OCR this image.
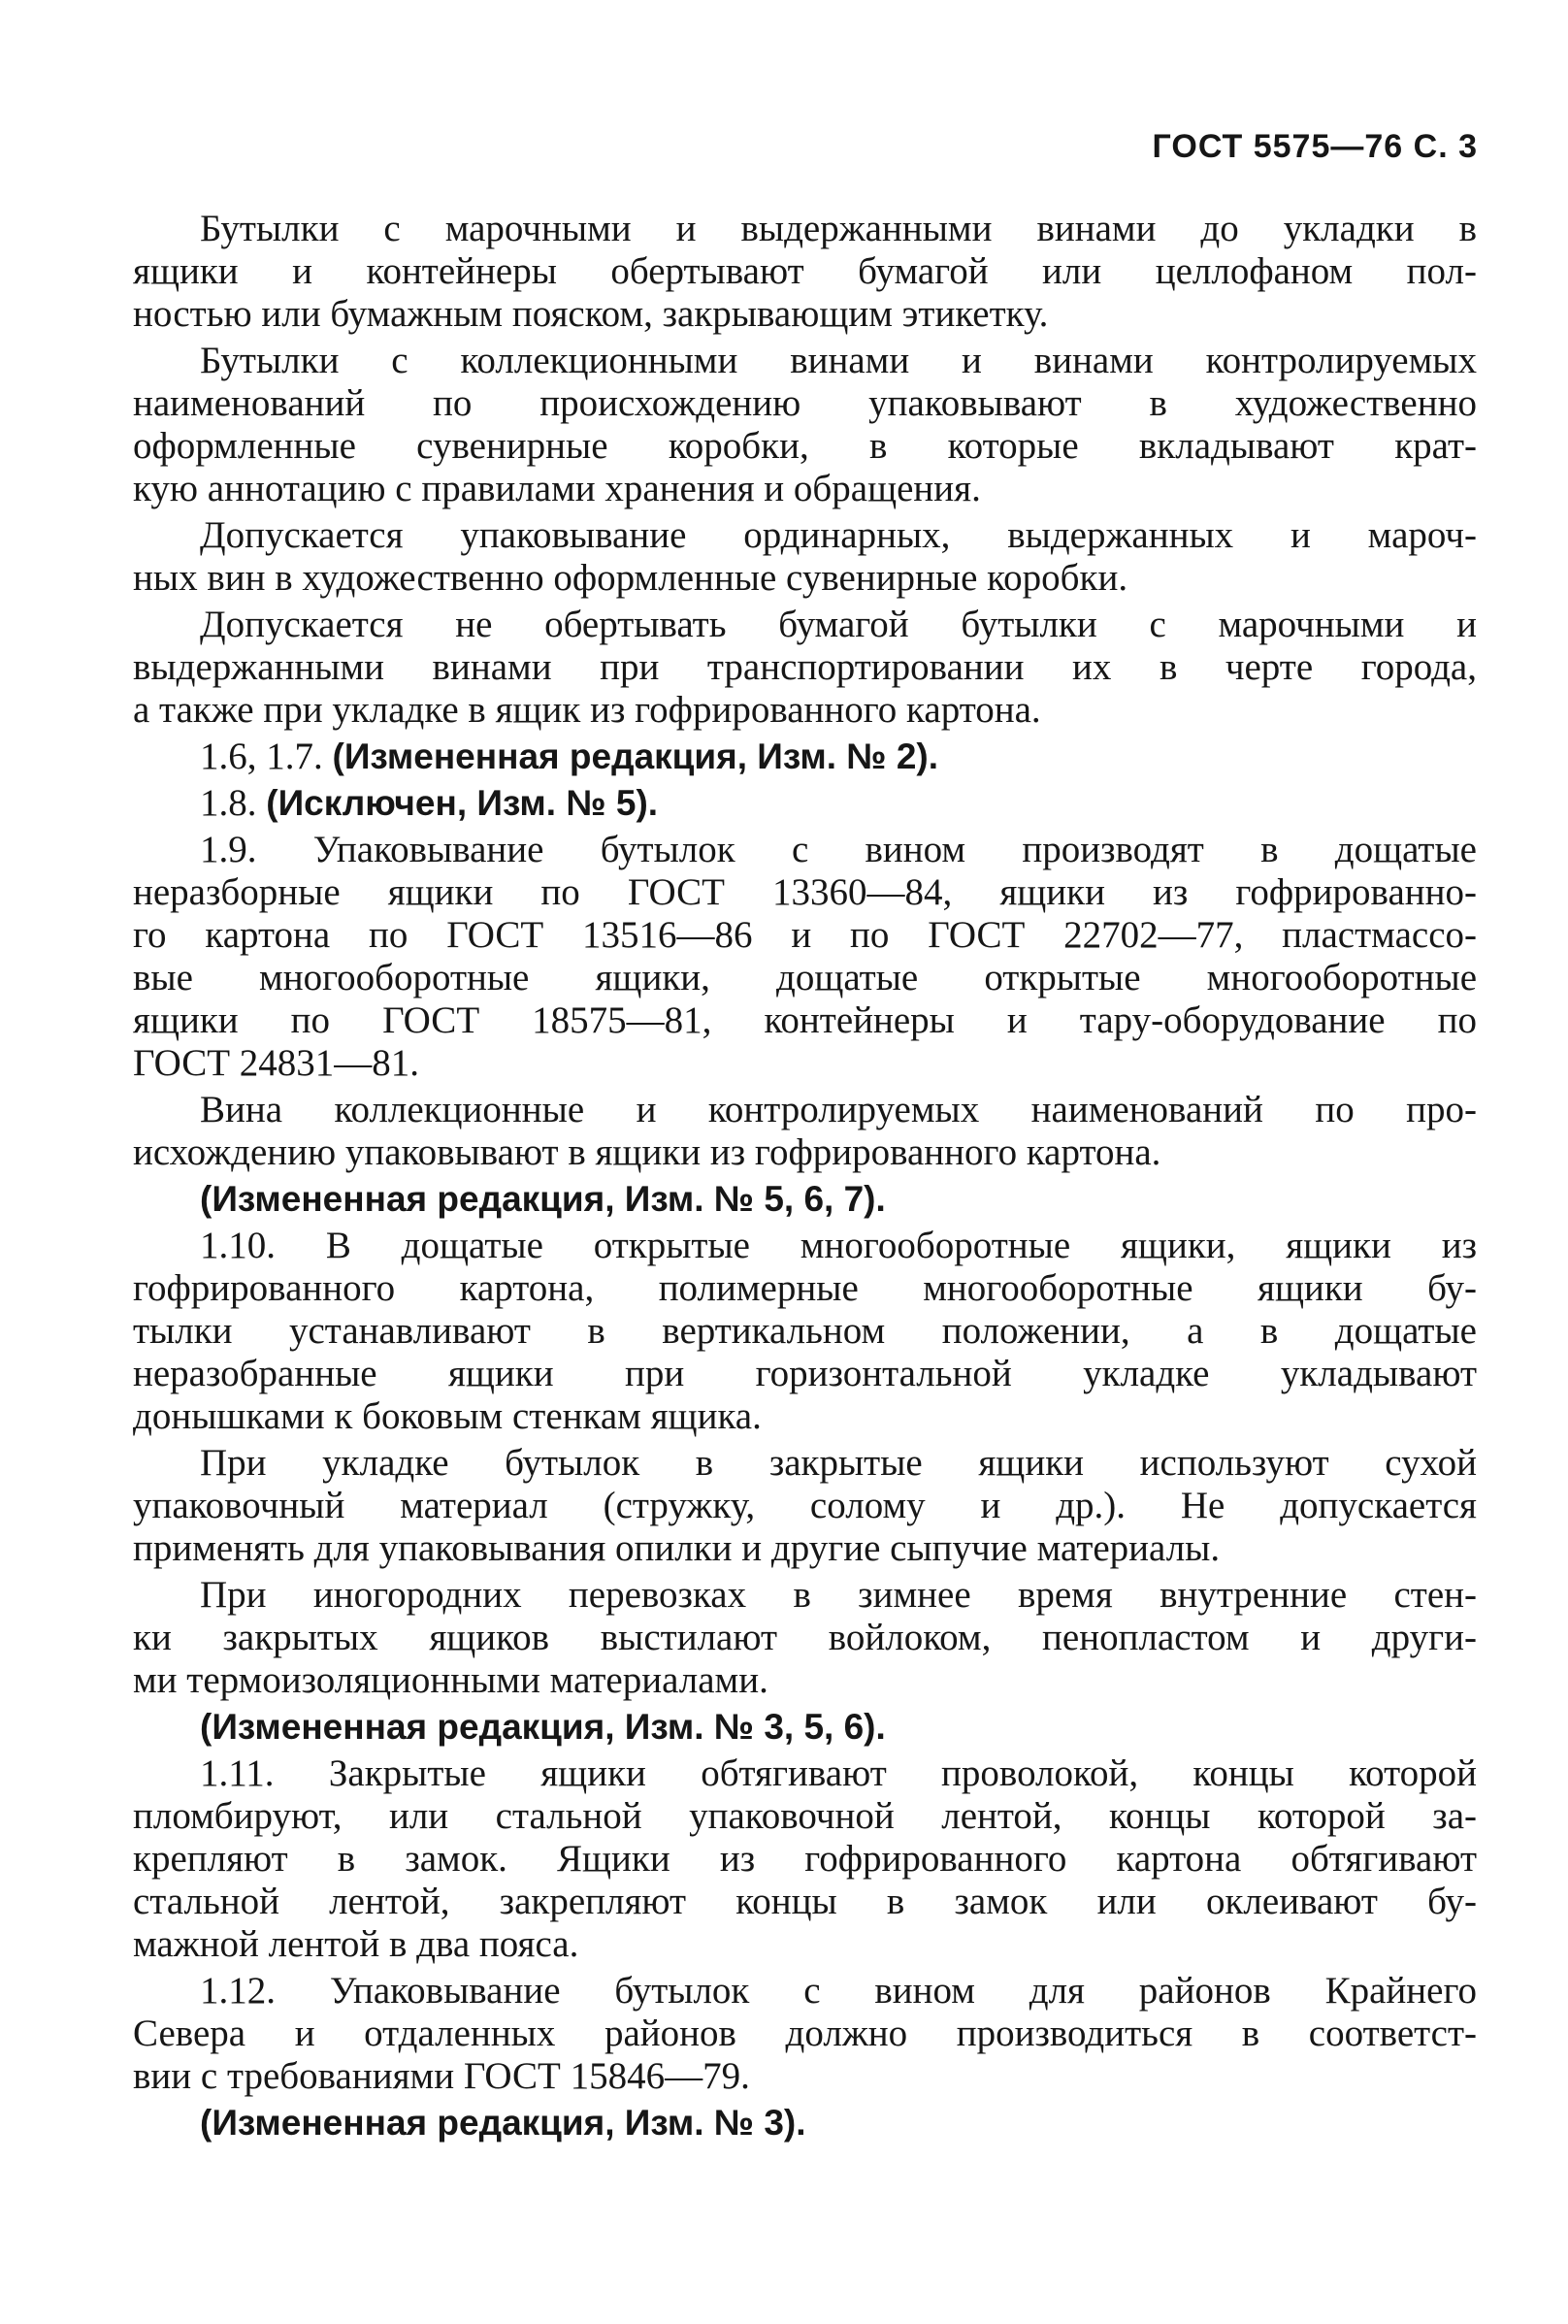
ГОСТ 5575—76 С. 3
Бутылки с марочными и выдержанными винами до укладки в
ящики и контейнеры обертывают бумагой или целлофаном пол-
ностью или бумажным пояском, закрывающим этикетку.
Бутылки с коллекционными винами и винами контролируемых
наименований по происхождению упаковывают в художественно
оформленные сувенирные коробки, в которые вкладывают крат-
кую аннотацию с правилами хранения и обращения.
Допускается упаковывание ординарных, выдержанных и мароч-
ных вин в художественно оформленные сувенирные коробки.
Допускается не обертывать бумагой бутылки с марочными и
выдержанными винами при транспортировании их в черте города,
а также при укладке в ящик из гофрированного картона.
1.6, 1.7. (Измененная редакция, Изм. № 2).
1.8. (Исключен, Изм. № 5).
1.9. Упаковывание бутылок с вином производят в дощатые
неразборные ящики по ГОСТ 13360—84, ящики из гофрированно-
го картона по ГОСТ 13516—86 и по ГОСТ 22702—77, пластмассо-
вые многооборотные ящики, дощатые открытые многооборотные
ящики по ГОСТ 18575—81, контейнеры и тару-оборудование по
ГОСТ 24831—81.
Вина коллекционные и контролируемых наименований по про-
исхождению упаковывают в ящики из гофрированного картона.
(Измененная редакция, Изм. № 5, 6, 7).
1.10. В дощатые открытые многооборотные ящики, ящики из
гофрированного картона, полимерные многооборотные ящики бу-
тылки устанавливают в вертикальном положении, а в дощатые
неразобранные ящики при горизонтальной укладке укладывают
донышками к боковым стенкам ящика.
При укладке бутылок в закрытые ящики используют сухой
упаковочный материал (стружку, солому и др.). Не допускается
применять для упаковывания опилки и другие сыпучие материалы.
При иногородних перевозках в зимнее время внутренние стен-
ки закрытых ящиков выстилают войлоком, пенопластом и други-
ми термоизоляционными материалами.
(Измененная редакция, Изм. № 3, 5, 6).
1.11. Закрытые ящики обтягивают проволокой, концы которой
пломбируют, или стальной упаковочной лентой, концы которой за-
крепляют в замок. Ящики из гофрированного картона обтягивают
стальной лентой, закрепляют концы в замок или оклеивают бу-
мажной лентой в два пояса.
1.12. Упаковывание бутылок с вином для районов Крайнего
Севера и отдаленных районов должно производиться в соответст-
вии с требованиями ГОСТ 15846—79.
(Измененная редакция, Изм. № 3).
